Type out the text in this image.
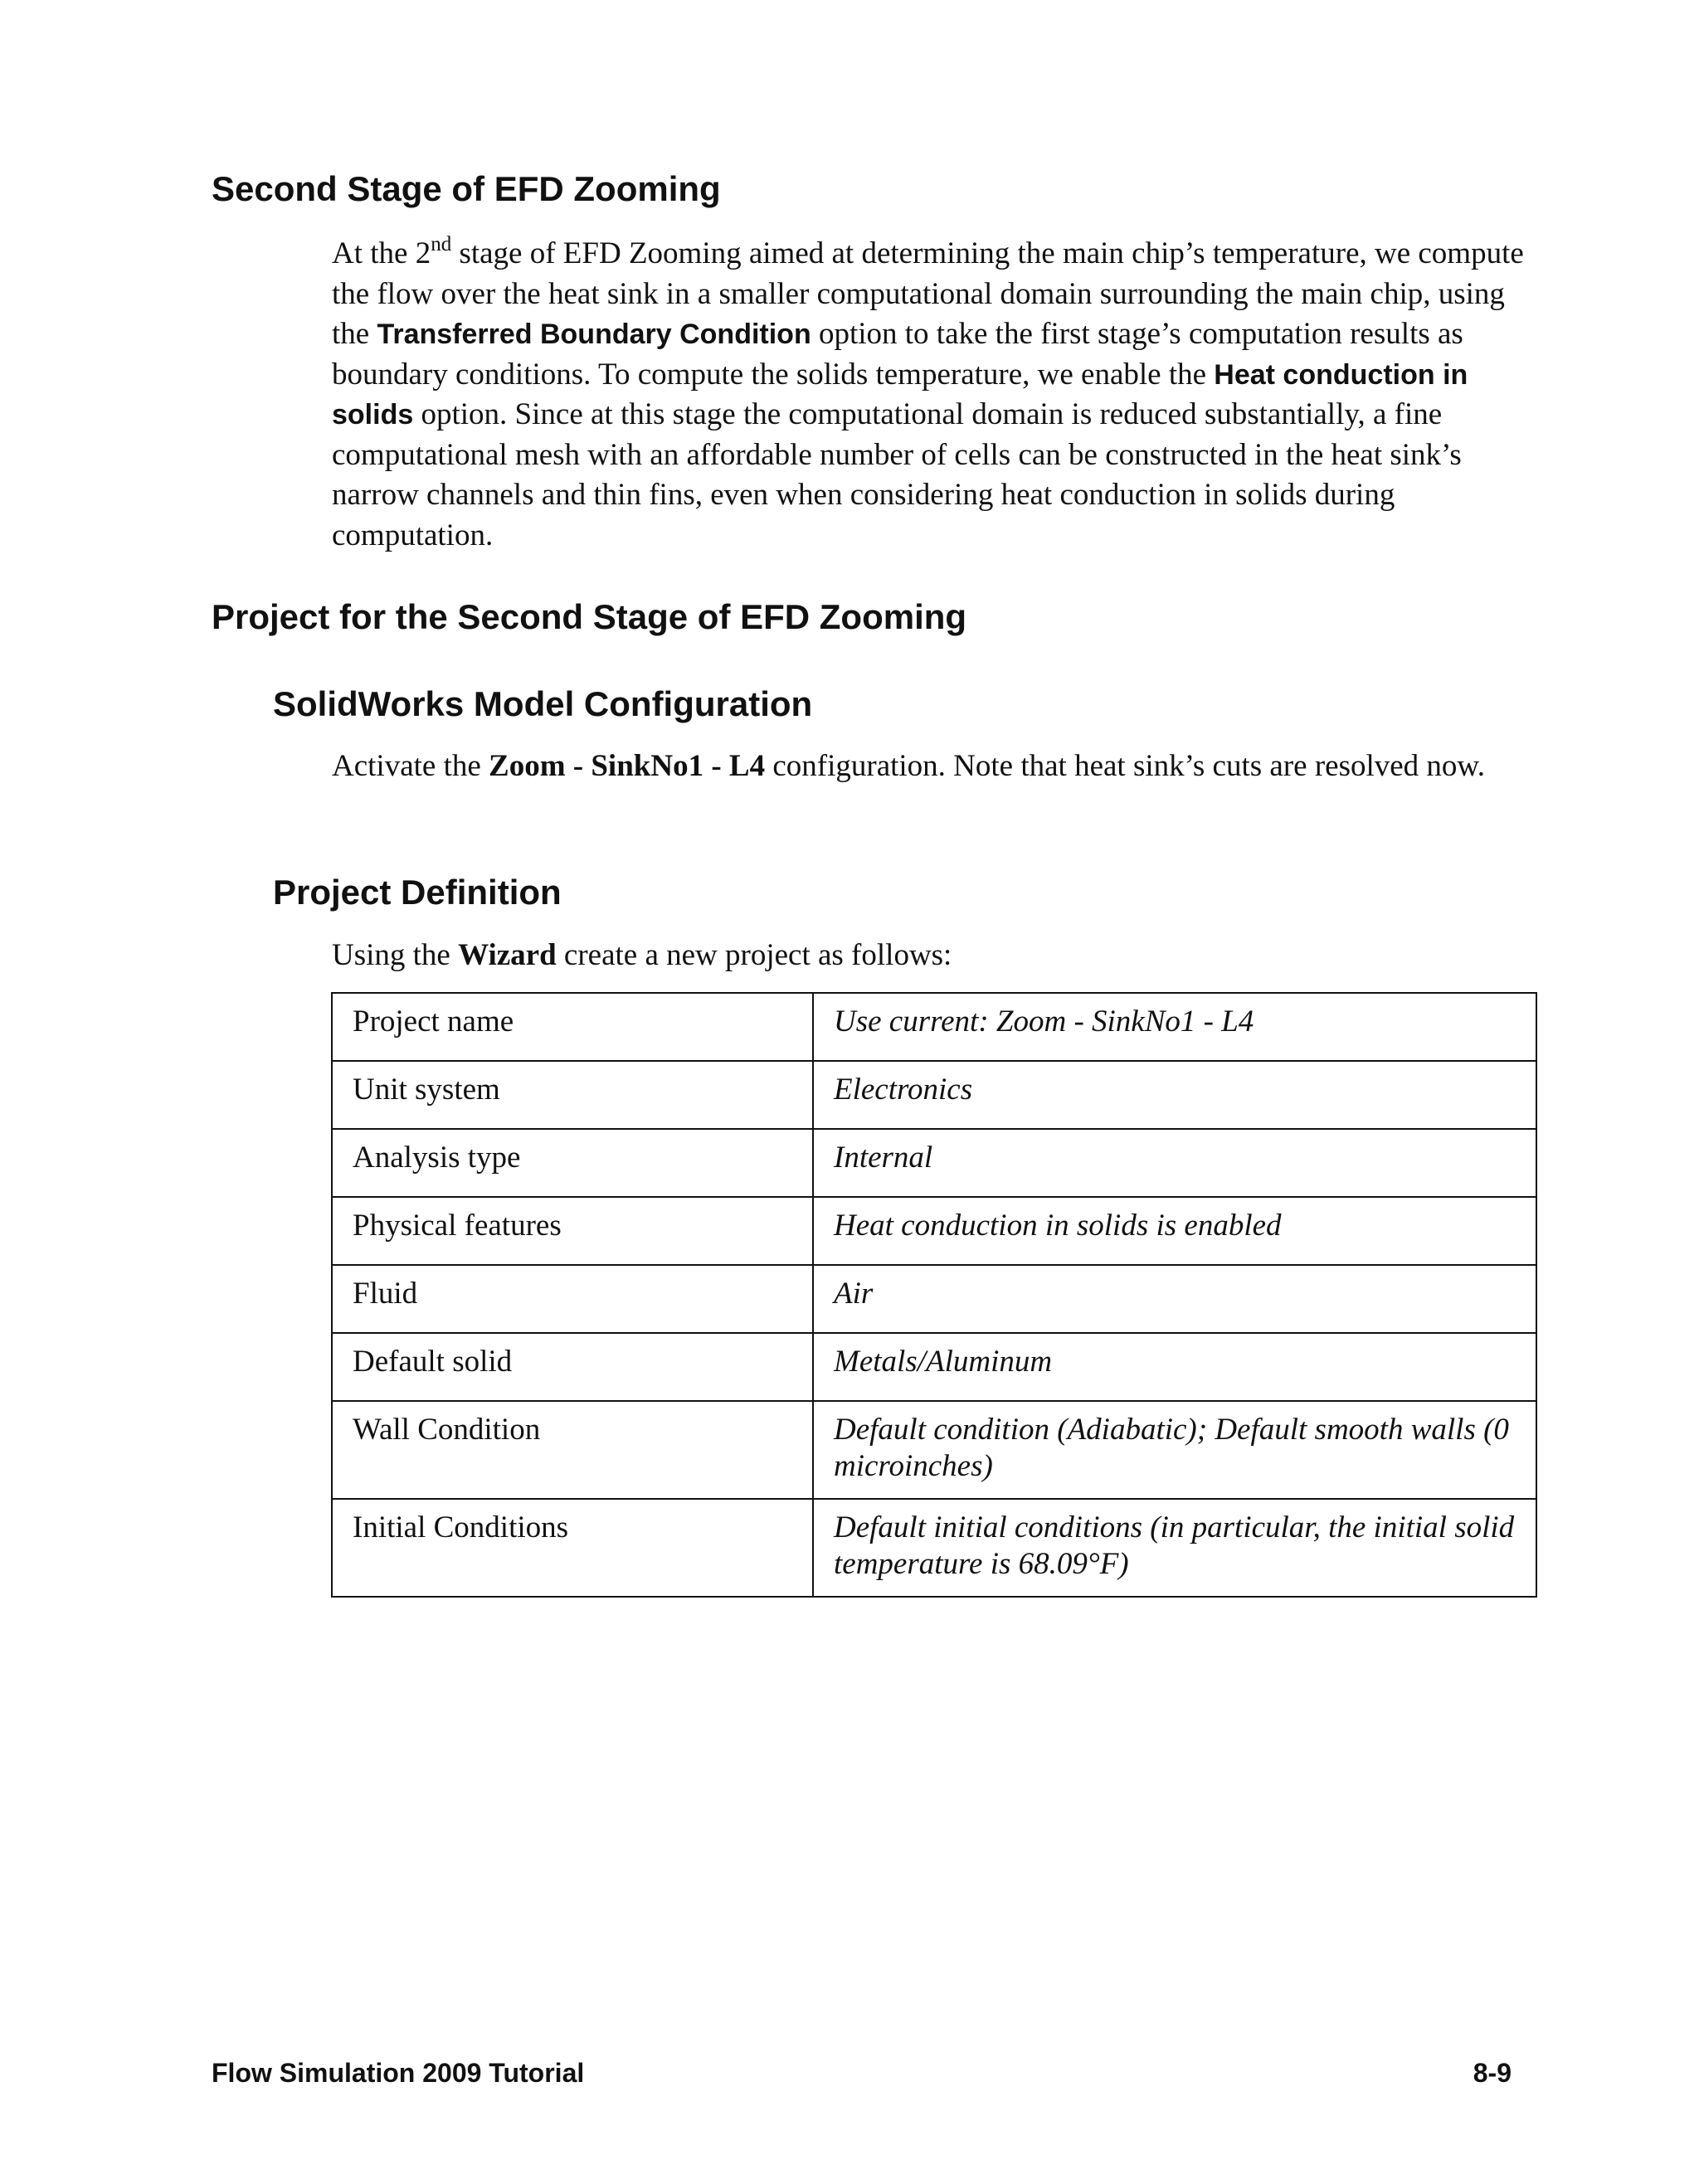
Second Stage of EFD Zooming

At the 2nd stage of EFD Zooming aimed at determining the main chip’s temperature, we compute the flow over the heat sink in a smaller computational domain surrounding the main chip, using the Transferred Boundary Condition option to take the first stage’s computation results as boundary conditions. To compute the solids temperature, we enable the Heat conduction in solids option. Since at this stage the computational domain is reduced substantially, a fine computational mesh with an affordable number of cells can be constructed in the heat sink’s narrow channels and thin fins, even when considering heat conduction in solids during computation.

Project for the Second Stage of EFD Zooming
SolidWorks Model Configuration

Activate the Zoom - SinkNo1 - L4 configuration. Note that heat sink’s cuts are resolved now.

Project Definition

Using the Wizard create a new project as follows:

Project name	Use current: Zoom - SinkNo1 - L4
Unit system	Electronics
Analysis type	Internal
Physical features	Heat conduction in solids is enabled
Fluid	Air
Default solid	Metals/Aluminum
Wall Condition	Default condition (Adiabatic); Default smooth walls (0 microinches)
Initial Conditions	Default initial conditions (in particular, the initial solid temperature is 68.09°F)
Flow Simulation 2009 Tutorial	8-9
